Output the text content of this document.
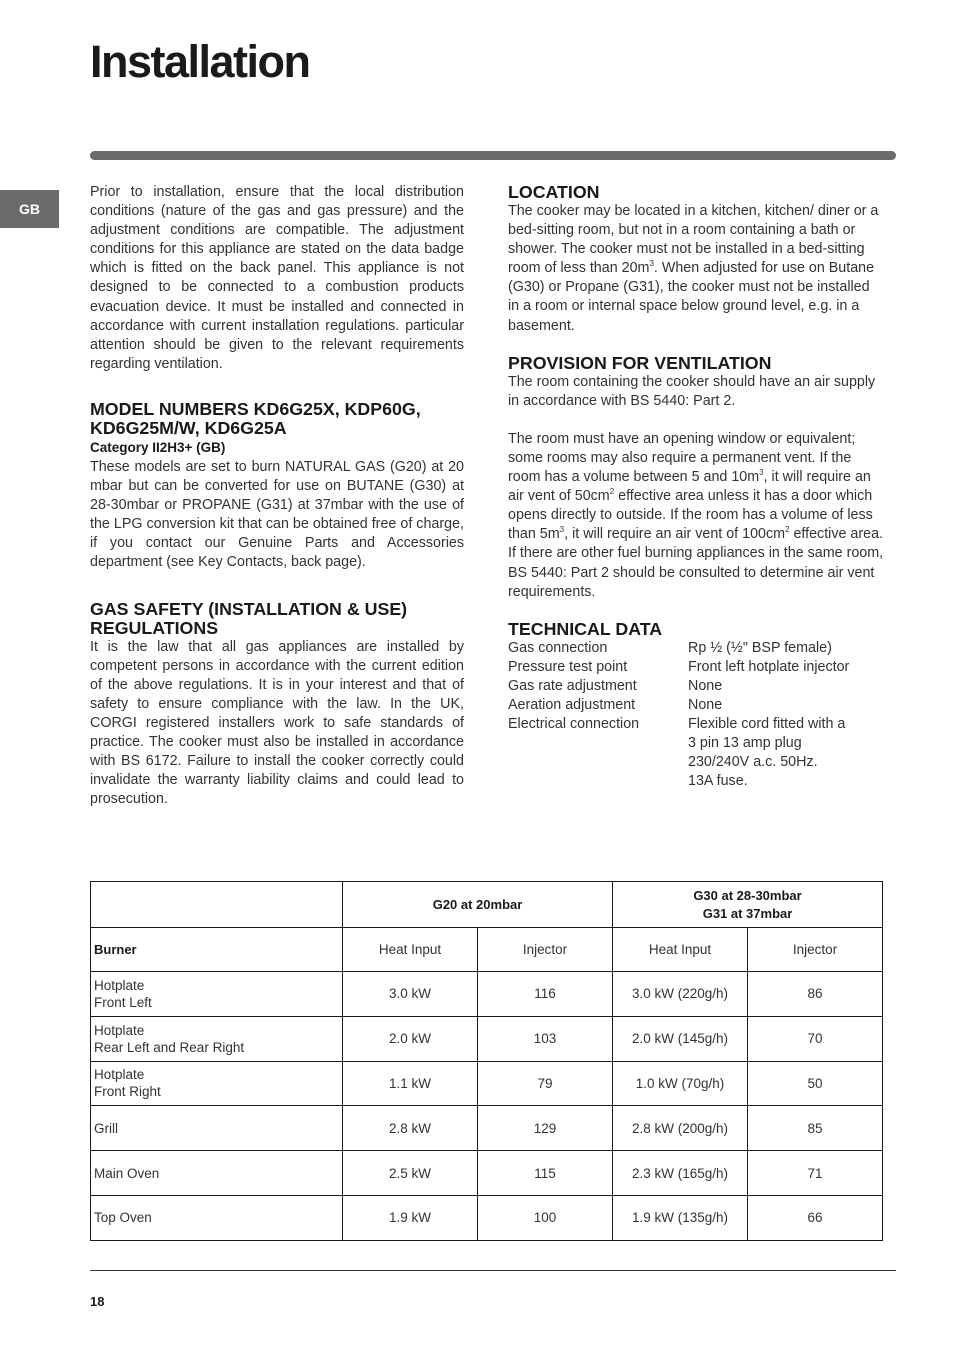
Installation
GB

Prior to installation, ensure that the local distribution conditions (nature of the gas and gas pressure) and the adjustment conditions are compatible. The adjustment conditions for this appliance are stated on the data badge which is fitted on the back panel. This appliance is not designed to be connected to a combustion products evacuation device. It must be installed and connected in accordance with current installation regulations. particular attention should be given to the relevant requirements regarding ventilation.

MODEL NUMBERS KD6G25X, KDP60G, KD6G25M/W, KD6G25A
Category II2H3+ (GB)

These models are set to burn NATURAL GAS (G20) at 20 mbar but can be converted for use on BUTANE (G30) at 28-30mbar or PROPANE (G31) at 37mbar with the use of the LPG conversion kit that can be obtained free of charge, if you contact our Genuine Parts and Accessories department (see Key Contacts, back page).

GAS SAFETY (INSTALLATION & USE) REGULATIONS

It is the law that all gas appliances are installed by competent persons in accordance with the current edition of the above regulations. It is in your interest and that of safety to ensure compliance with the law. In the UK, CORGI registered installers work to safe standards of practice. The cooker must also be installed in accordance with BS 6172. Failure to install the cooker correctly could invalidate the warranty liability claims and could lead to prosecution.

LOCATION

The cooker may be located in a kitchen, kitchen/ diner or a bed-sitting room, but not in a room containing a bath or shower. The cooker must not be installed in a bed-sitting room of less than $20m^3$. When adjusted for use on Butane (G30) or Propane (G31), the cooker must not be installed in a room or internal space below ground level, e.g. in a basement.

PROVISION FOR VENTILATION

The room containing the cooker should have an air supply in accordance with BS 5440: Part 2.

The room must have an opening window or equivalent; some rooms may also require a permanent vent. If the room has a volume between 5 and $10m^3$, it will require an air vent of $50cm^2$ effective area unless it has a door which opens directly to outside. If the room has a volume of less than $5m^3$, it will require an air vent of $100cm^2$ effective area. If there are other fuel burning appliances in the same room, BS 5440: Part 2 should be consulted to determine air vent requirements.

TECHNICAL DATA
Gas connection	Rp ½ (½" BSP female)
Pressure test point	Front left hotplate injector
Gas rate adjustment	None
Aeration adjustment	None
Electrical connection	Flexible cord fitted with a
3 pin 13 amp plug
230/240V a.c. 50Hz.
13A fuse.
	G20 at 20mbar		G30 at 28-30mbar
G31 at 37mbar	

Burner	Heat Input	Injector	Heat Input	Injector
Hotplate
Front Left	3.0 kW	116	3.0 kW (220g/h)	86
Hotplate
Rear Left and Rear Right	2.0 kW	103	2.0 kW (145g/h)	70
Hotplate
Front Right	1.1 kW	79	1.0 kW (70g/h)	50
Grill	2.8 kW	129	2.8 kW (200g/h)	85
Main Oven	2.5 kW	115	2.3 kW (165g/h)	71
Top Oven	1.9 kW	100	1.9 kW (135g/h)	66
18
